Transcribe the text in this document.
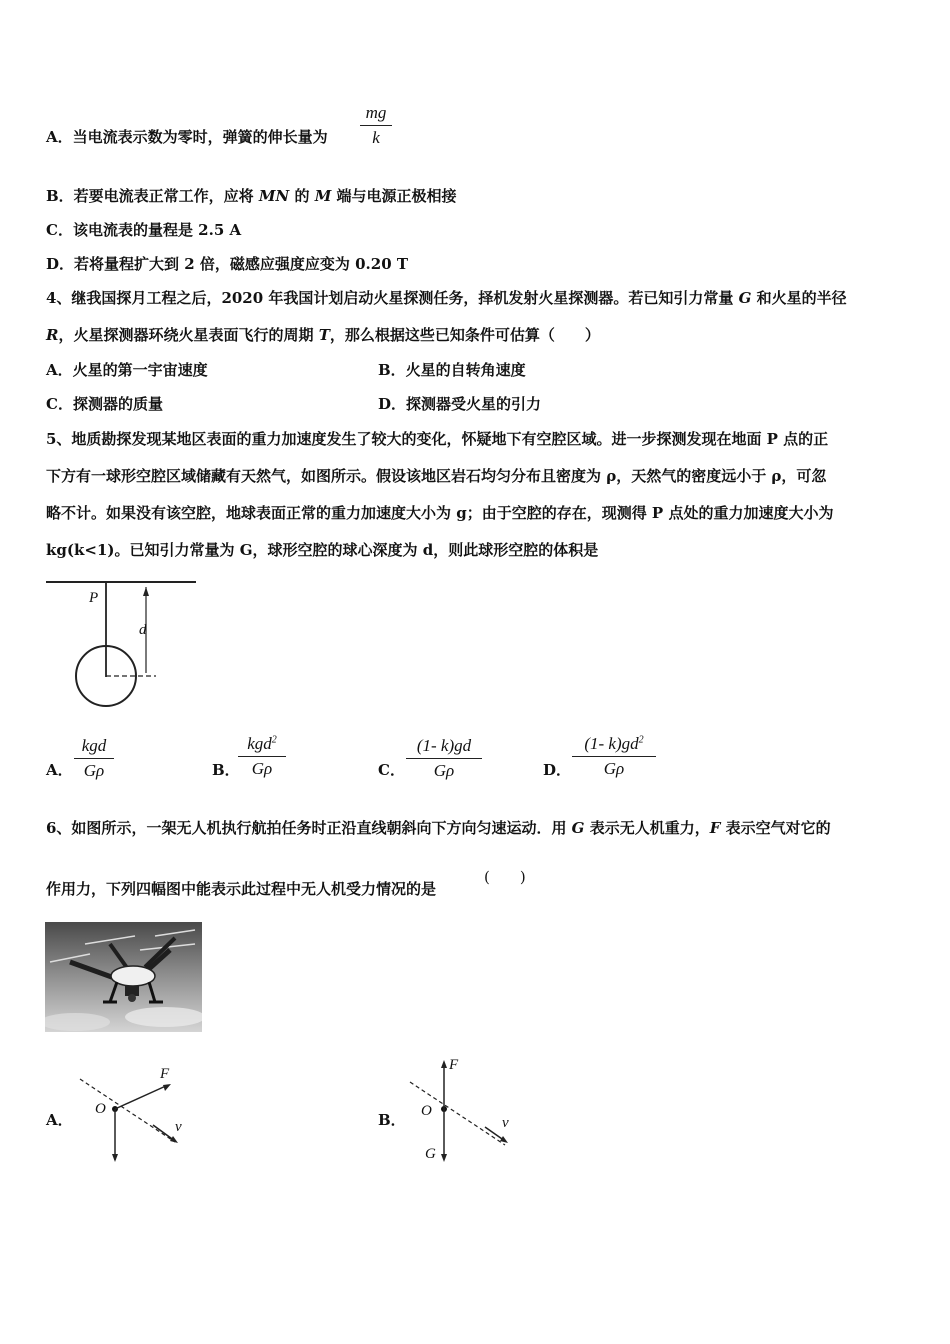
A．当电流表示数为零时，弹簧的伸长量为 $\frac{mg}{k}$
B．若要电流表正常工作，应将 MN 的 M 端与电源正极相接
C．该电流表的量程是 2.5 A
D．若将量程扩大到 2 倍，磁感应强度应变为 0.20 T
4、继我国探月工程之后，2020 年我国计划启动火星探测任务，择机发射火星探测器。若已知引力常量 G 和火星的半径
R，火星探测器环绕火星表面飞行的周期 T，那么根据这些已知条件可估算（　　）
A．火星的第一宇宙速度	B．火星的自转角速度
C．探测器的质量	D．探测器受火星的引力
5、地质勘探发现某地区表面的重力加速度发生了较大的变化，怀疑地下有空腔区域。进一步探测发现在地面 P 点的正
下方有一球形空腔区域储藏有天然气，如图所示。假设该地区岩石均匀分布且密度为 ρ，天然气的密度远小于 ρ，可忽
略不计。如果没有该空腔，地球表面正常的重力加速度大小为 g；由于空腔的存在，现测得 P 点处的重力加速度大小为
kg(k<1)。已知引力常量为 G，球形空腔的球心深度为 d，则此球形空腔的体积是
P
d
A．
kgd
Gρ	B．
kgd$^2$
Gρ	C． $\frac{(1- k)gd}{G\rho}$	D． $\frac{(1- k)gd^2}{G\rho}$
6、如图所示，一架无人机执行航拍任务时正沿直线朝斜向下方向匀速运动．用 G 表示无人机重力，F 表示空气对它的
作用力，下列四幅图中能表示此过程中无人机受力情况的是
(　　)
A．
F
O
v	B．
F
O
v
G
